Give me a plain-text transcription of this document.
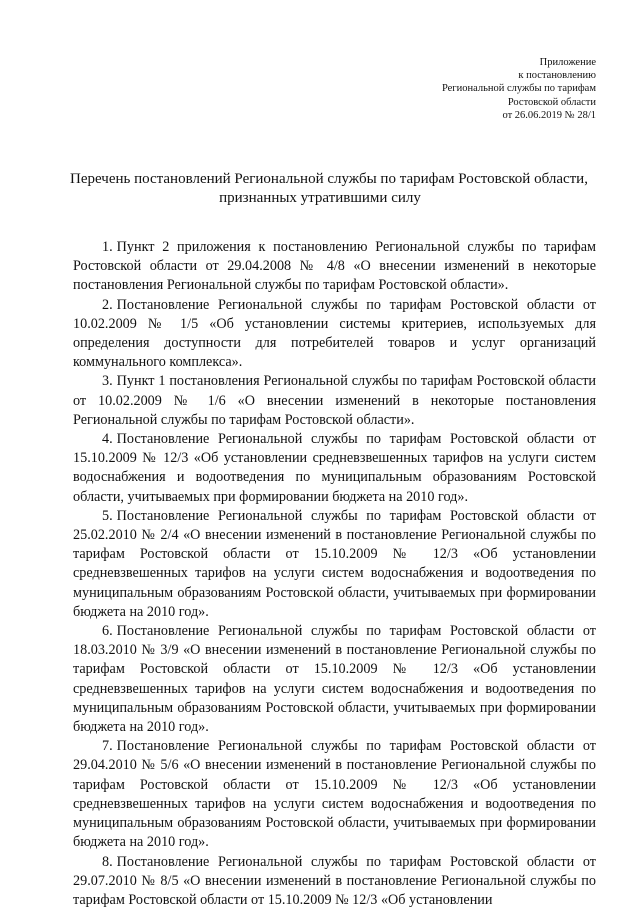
Приложение
к постановлению
Региональной службы по тарифам
Ростовской области
от 26.06.2019 № 28/1
Перечень постановлений Региональной службы по тарифам Ростовской области,
признанных утратившими силу

1. Пункт 2 приложения к постановлению Региональной службы по тарифам Ростовской области от 29.04.2008 № 4/8 «О внесении изменений в некоторые постановления Региональной службы по тарифам Ростовской области».

2. Постановление Региональной службы по тарифам Ростовской области от 10.02.2009 № 1/5 «Об установлении системы критериев, используемых для определения доступности для потребителей товаров и услуг организаций коммунального комплекса».

3. Пункт 1 постановления Региональной службы по тарифам Ростовской области от 10.02.2009 № 1/6 «О внесении изменений в некоторые постановления Региональной службы по тарифам Ростовской области».

4. Постановление Региональной службы по тарифам Ростовской области от 15.10.2009 № 12/3 «Об установлении средневзвешенных тарифов на услуги систем водоснабжения и водоотведения по муниципальным образованиям Ростовской области, учитываемых при формировании бюджета на 2010 год».

5. Постановление Региональной службы по тарифам Ростовской области от 25.02.2010 № 2/4 «О внесении изменений в постановление Региональной службы по тарифам Ростовской области от 15.10.2009 № 12/3 «Об установлении средневзвешенных тарифов на услуги систем водоснабжения и водоотведения по муниципальным образованиям Ростовской области, учитываемых при формировании бюджета на 2010 год».

6. Постановление Региональной службы по тарифам Ростовской области от 18.03.2010 № 3/9 «О внесении изменений в постановление Региональной службы по тарифам Ростовской области от 15.10.2009 № 12/3 «Об установлении средневзвешенных тарифов на услуги систем водоснабжения и водоотведения по муниципальным образованиям Ростовской области, учитываемых при формировании бюджета на 2010 год».

7. Постановление Региональной службы по тарифам Ростовской области от 29.04.2010 № 5/6 «О внесении изменений в постановление Региональной службы по тарифам Ростовской области от 15.10.2009 № 12/3 «Об установлении средневзвешенных тарифов на услуги систем водоснабжения и водоотведения по муниципальным образованиям Ростовской области, учитываемых при формировании бюджета на 2010 год».

8. Постановление Региональной службы по тарифам Ростовской области от 29.07.2010 № 8/5 «О внесении изменений в постановление Региональной службы по тарифам Ростовской области от 15.10.2009 № 12/3 «Об установлении
